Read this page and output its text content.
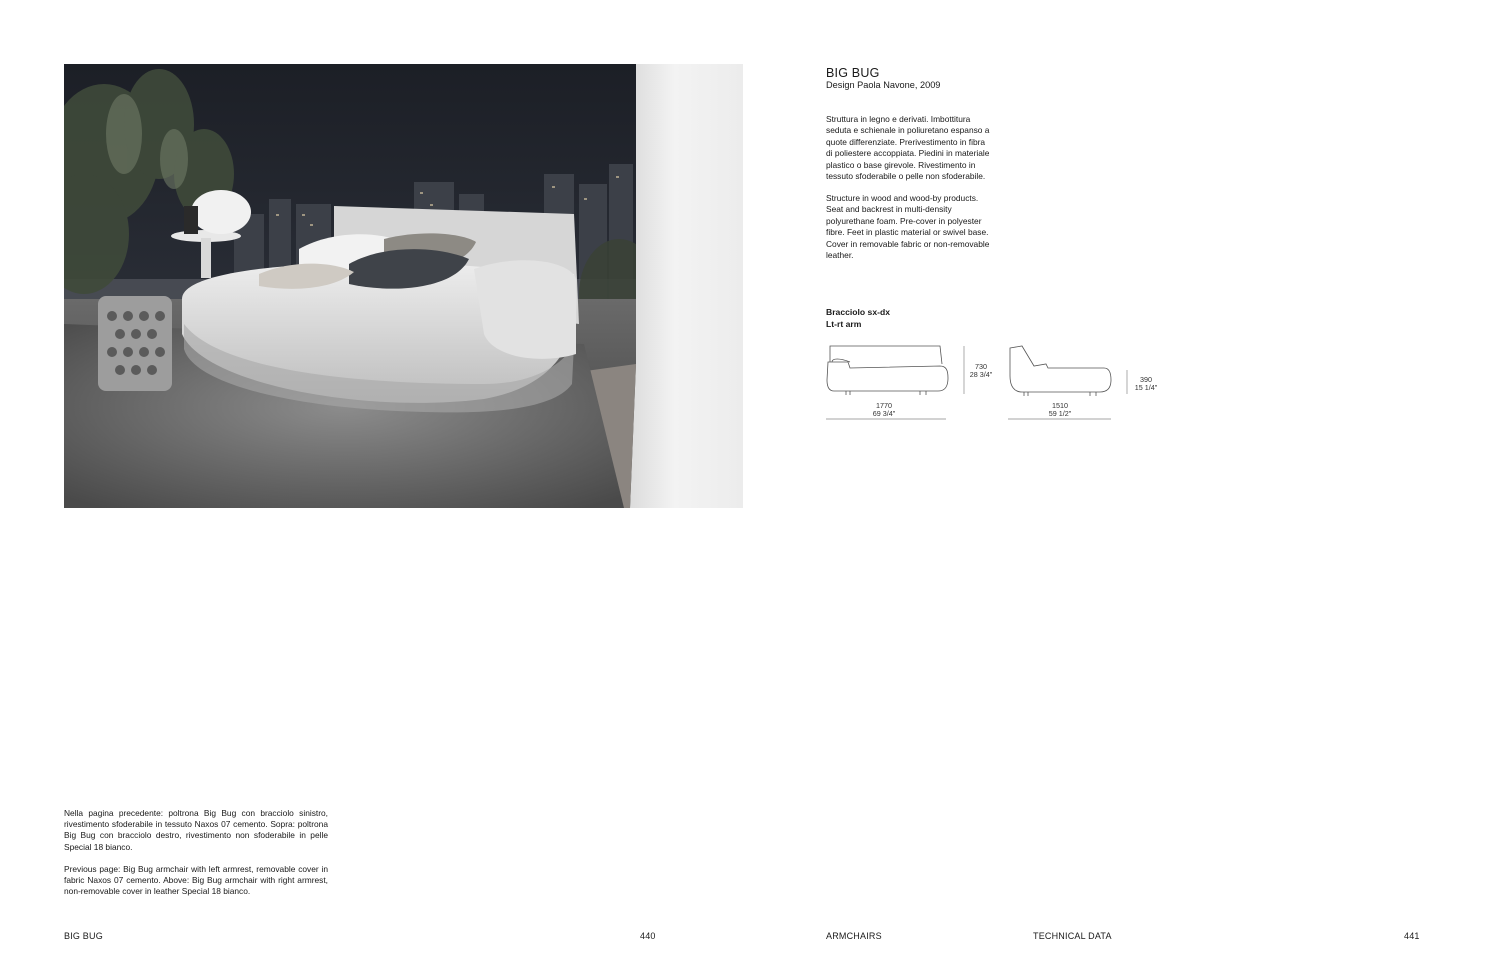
BIG BUG
Design Paola Navone, 2009

Struttura in legno e derivati. Imbottitura
seduta e schienale in poliuretano espanso a
quote differenziate. Prerivestimento in fibra
di poliestere accoppiata. Piedini in materiale
plastico o base girevole. Rivestimento in
tessuto sfoderabile o pelle non sfoderabile.

Structure in wood and wood-by products.
Seat and backrest in multi-density
polyurethane foam. Pre-cover in polyester
fibre. Feet in plastic material or swivel base.
Cover in removable fabric or non-removable
leather.

Bracciolo sx-dx
Lt-rt arm
1770
69 3/4"
730
28 3/4"
1510
59 1/2"
390
15 1/4"

Nella pagina precedente: poltrona Big Bug con bracciolo sinistro, rivestimento sfoderabile in tessuto Naxos 07 cemento. Sopra: poltrona Big Bug con bracciolo destro, rivestimento non sfoderabile in pelle Special 18 bianco.

Previous page: Big Bug armchair with left armrest, removable cover in fabric Naxos 07 cemento. Above: Big Bug armchair with right armrest, non-removable cover in leather Special 18 bianco.

BIG BUG	440	ARMCHAIRS	TECHNICAL DATA	441
